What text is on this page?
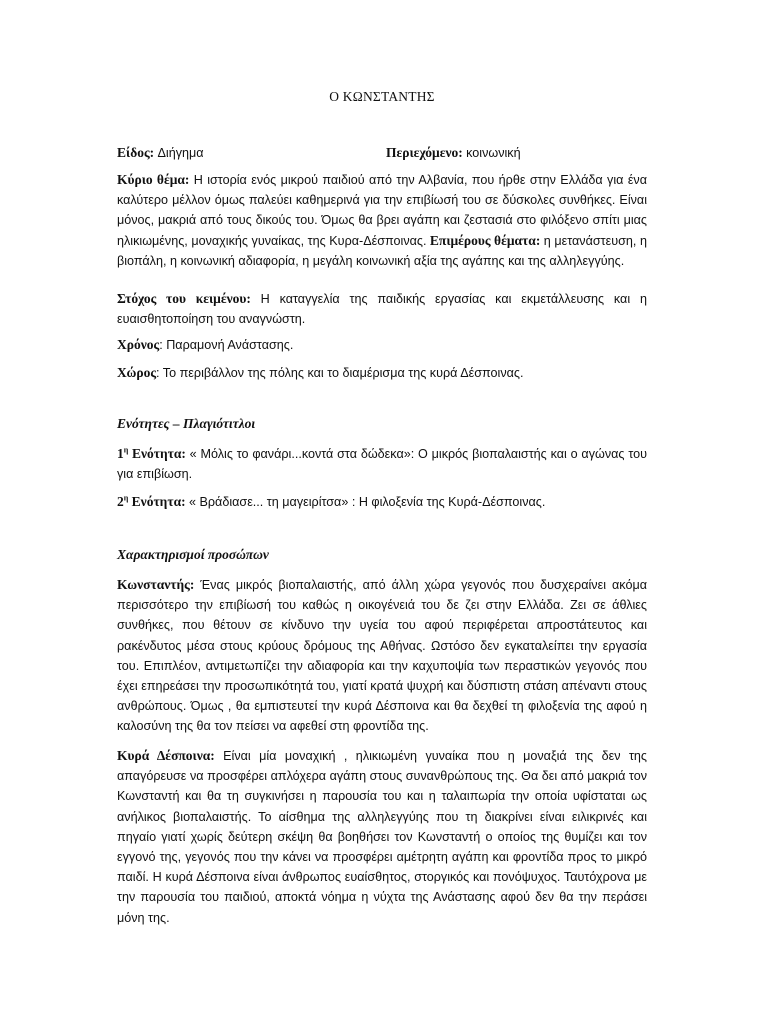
Ο ΚΩΝΣΤΑΝΤΗΣ
Είδος: Διήγημα	Περιεχόμενο: κοινωνική
Κύριο θέμα: Η ιστορία ενός μικρού παιδιού από την Αλβανία, που ήρθε στην Ελλάδα για ένα καλύτερο μέλλον όμως παλεύει καθημερινά για την επιβίωσή του σε δύσκολες συνθήκες. Είναι μόνος, μακριά από τους δικούς του. Όμως θα βρει αγάπη και ζεστασιά στο φιλόξενο σπίτι μιας ηλικιωμένης, μοναχικής γυναίκας, της Κυρα-Δέσποινας. Επιμέρους θέματα: η μετανάστευση, η βιοπάλη, η κοινωνική αδιαφορία, η μεγάλη κοινωνική αξία της αγάπης και της αλληλεγγύης.
Στόχος του κειμένου: Η καταγγελία της παιδικής εργασίας και εκμετάλλευσης και η ευαισθητοποίηση του αναγνώστη.
Χρόνος: Παραμονή Ανάστασης.
Χώρος: Το περιβάλλον της πόλης και το διαμέρισμα της κυρά Δέσποινας.
Ενότητες – Πλαγιότιτλοι
$1^\eta$ Ενότητα: « Μόλις το φανάρι...κοντά στα δώδεκα»: Ο μικρός βιοπαλαιστής και ο αγώνας του για επιβίωση.
$2^\eta$ Ενότητα: « Βράδιασε... τη μαγειρίτσα» : Η φιλοξενία της Κυρά-Δέσποινας.
Χαρακτηρισμοί προσώπων
Κωνσταντής: Ένας μικρός βιοπαλαιστής, από άλλη χώρα γεγονός που δυσχεραίνει ακόμα περισσότερο την επιβίωσή του καθώς η οικογένειά του δε ζει στην Ελλάδα. Ζει σε άθλιες συνθήκες, που θέτουν σε κίνδυνο την υγεία του αφού περιφέρεται απροστάτευτος και ρακένδυτος μέσα στους κρύους δρόμους της Αθήνας. Ωστόσο δεν εγκαταλείπει την εργασία του. Επιπλέον, αντιμετωπίζει την αδιαφορία και την καχυποψία των περαστικών γεγονός που έχει επηρεάσει την προσωπικότητά του, γιατί κρατά ψυχρή και δύσπιστη στάση απέναντι στους ανθρώπους. Όμως , θα εμπιστευτεί την κυρά Δέσποινα και θα δεχθεί τη φιλοξενία της αφού η καλοσύνη της θα τον πείσει να αφεθεί στη φροντίδα της.
Κυρά Δέσποινα: Είναι μία μοναχική , ηλικιωμένη γυναίκα που η μοναξιά της δεν της απαγόρευσε να προσφέρει απλόχερα αγάπη στους συνανθρώπους της. Θα δει από μακριά τον Κωνσταντή και θα τη συγκινήσει η παρουσία του και η ταλαιπωρία την οποία υφίσταται ως ανήλικος βιοπαλαιστής. Το αίσθημα της αλληλεγγύης που τη διακρίνει είναι ειλικρινές και πηγαίο γιατί χωρίς δεύτερη σκέψη θα βοηθήσει τον Κωνσταντή ο οποίος της θυμίζει και τον εγγονό της, γεγονός που την κάνει να προσφέρει αμέτρητη αγάπη και φροντίδα προς το μικρό παιδί. Η κυρά Δέσποινα είναι άνθρωπος ευαίσθητος, στοργικός και πονόψυχος. Ταυτόχρονα με την παρουσία του παιδιού, αποκτά νόημα η νύχτα της Ανάστασης αφού δεν θα την περάσει μόνη της.
